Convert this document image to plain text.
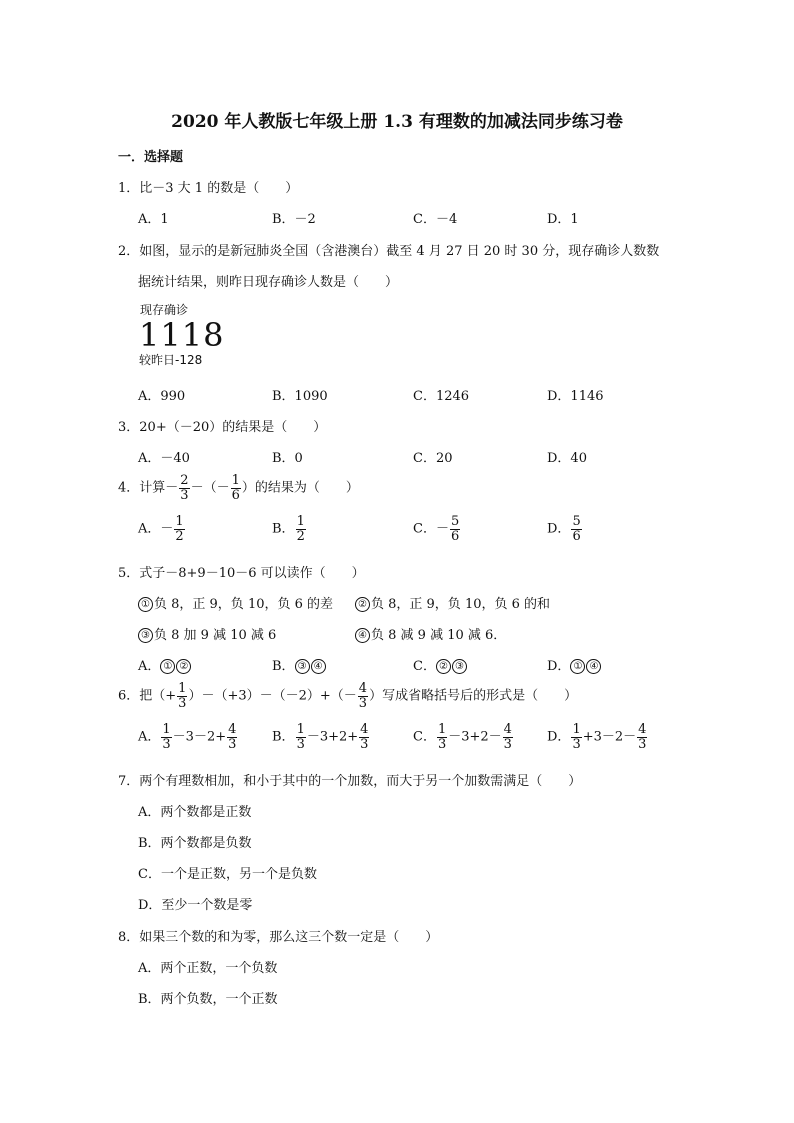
2020 年人教版七年级上册 1.3 有理数的加减法同步练习卷
一．选择题
1．比－3 大 1 的数是（　　）
A．1	B．－2	C．－4	D．1
2．如图，显示的是新冠肺炎全国（含港澳台）截至 4 月 27 日 20 时 30 分，现存确诊人数数
据统计结果，则昨日现存确诊人数是（　　）
现存确诊
1118
较昨日-128
A．990	B．1090	C．1246	D．1146
3．20+（－20）的结果是（　　）
A．－40	B．0	C．20	D．40
4．计算－ $\frac{2}{3}$ －（－ $\frac{1}{6}$ ）的结果为（　　）
A．－ $\frac{1}{2}$	B． $\frac{1}{2}$	C．－ $\frac{5}{6}$	D． $\frac{5}{6}$
5．式子－8+9－10－6 可以读作（　　）
① 负 8，正 9，负 10，负 6 的差	② 负 8，正 9，负 10，负 6 的和
③ 负 8 加 9 减 10 减 6	④ 负 8 减 9 减 10 减 6．
A． ① ②	B． ③ ④	C． ② ③	D． ① ④
6．把（+ $\frac{1}{3} )-(+3)-(-2)+(- \frac{4}{3}$ ）写成省略括号后的形式是（　　）
A． $\frac{1}{3} -3-2+ \frac{4}{3}$	B． $\frac{1}{3} -3+2+ \frac{4}{3}$	C． $\frac{1}{3} -3+2- \frac{4}{3}$	D． $\frac{1}{3} +3-2- \frac{4}{3}$
7．两个有理数相加，和小于其中的一个加数，而大于另一个加数需满足（　　）
A．两个数都是正数
B．两个数都是负数
C．一个是正数，另一个是负数
D．至少一个数是零
8．如果三个数的和为零，那么这三个数一定是（　　）
A．两个正数，一个负数
B．两个负数，一个正数
